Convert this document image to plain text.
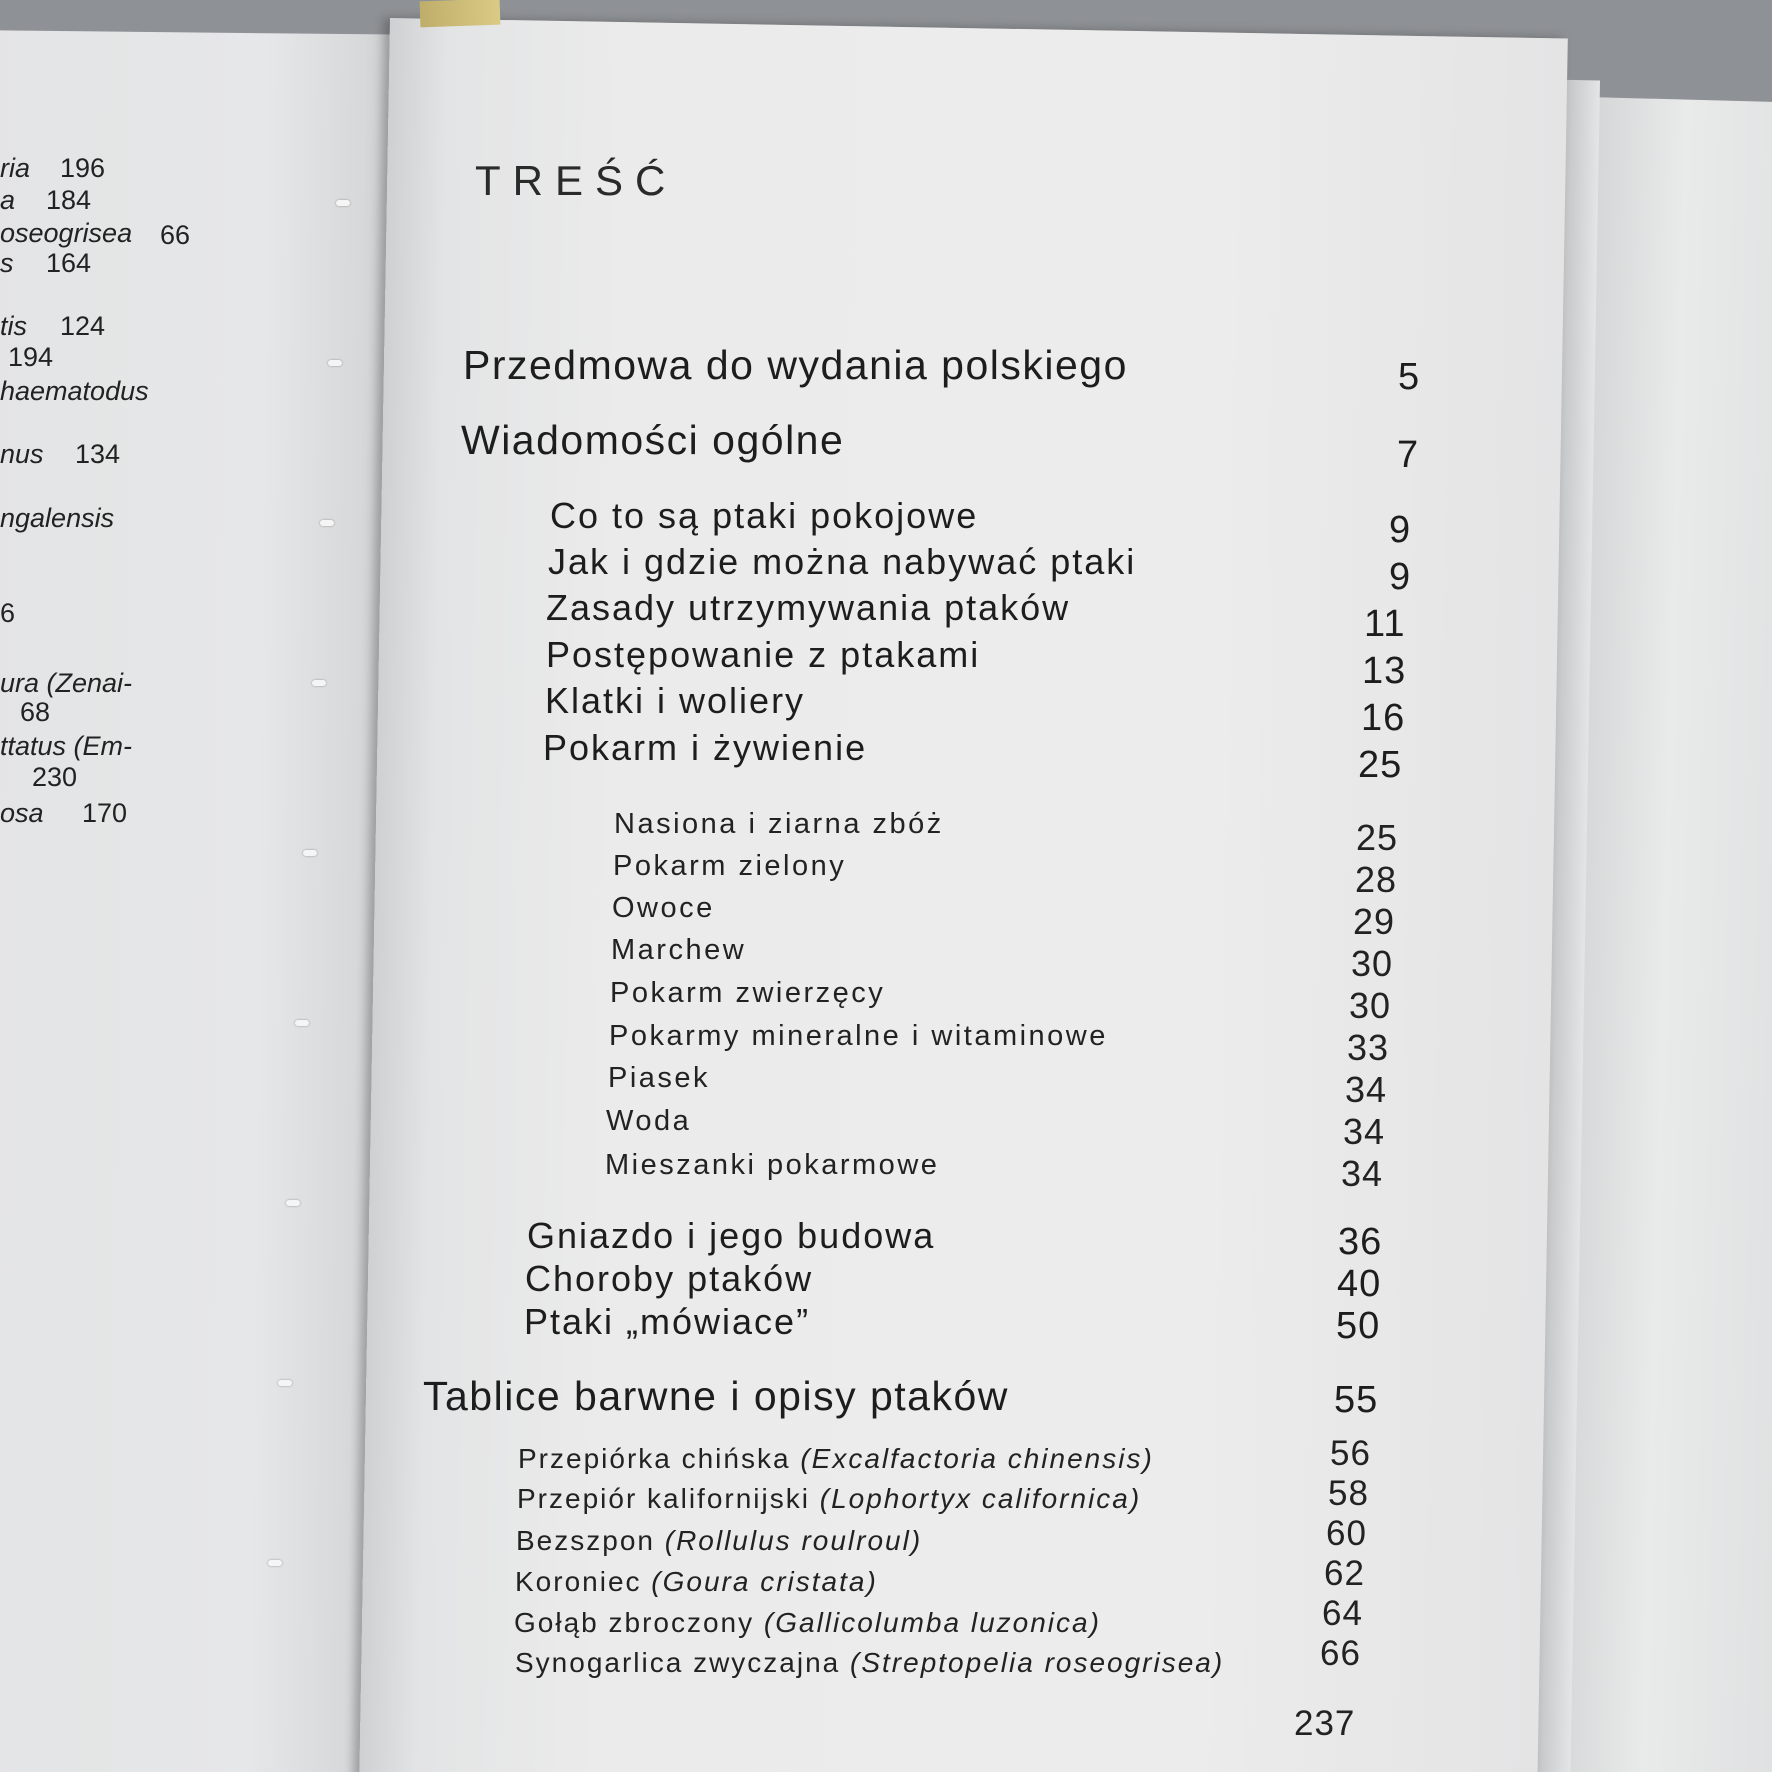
ria 196
a 184
oseogrisea 66
s 164
tis 124
194
haematodus
nus 134
ngalensis
6
ura (Zenai-
68
ttatus (Em-
230
osa 170
TREŚĆ
Przedmowa do wydania polskiego	5
Wiadomości ogólne	7
Co to są ptaki pokojowe	9
Jak i gdzie można nabywać ptaki	9
Zasady utrzymywania ptaków	11
Postępowanie z ptakami	13
Klatki i woliery	16
Pokarm i żywienie	25
Nasiona i ziarna zbóż	25
Pokarm zielony	28
Owoce	29
Marchew	30
Pokarm zwierzęcy	30
Pokarmy mineralne i witaminowe	33
Piasek	34
Woda	34
Mieszanki pokarmowe	34
Gniazdo i jego budowa	36
Choroby ptaków	40
Ptaki „mówiace”	50
Tablice barwne i opisy ptaków	55
Przepiórka chińska (Excalfactoria chinensis)	56
Przepiór kalifornijski (Lophortyx californica)	58
Bezszpon (Rollulus roulroul)	60
Koroniec (Goura cristata)	62
Gołąb zbroczony (Gallicolumba luzonica)	64
Synogarlica zwyczajna (Streptopelia roseogrisea)	66
237
